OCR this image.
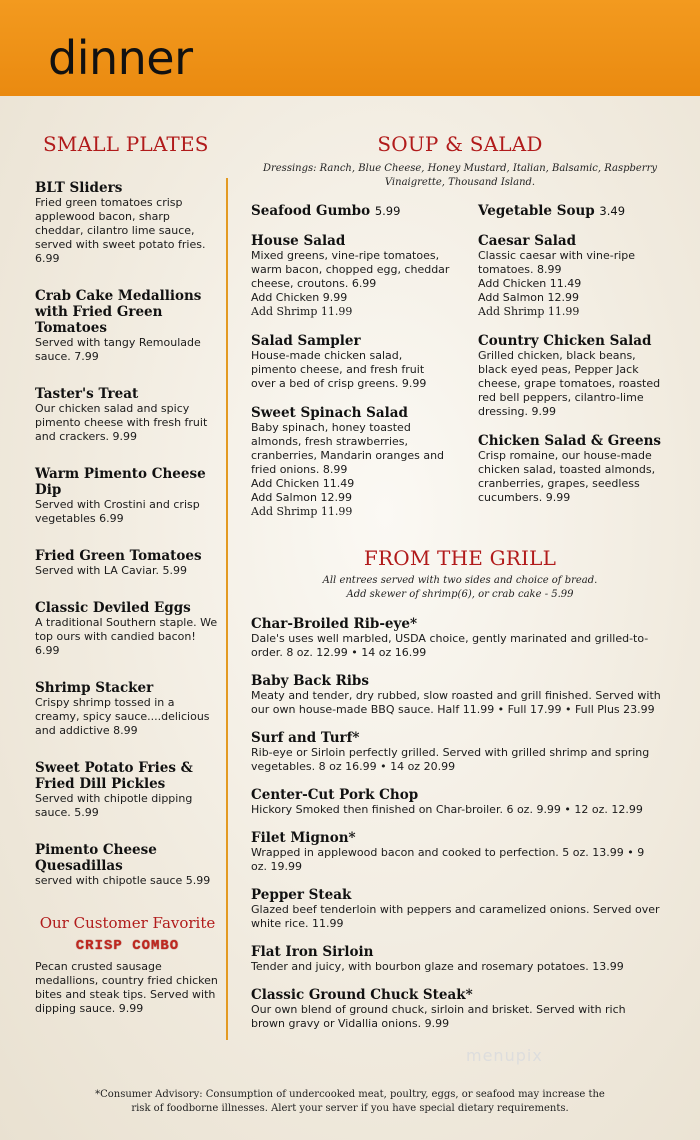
dinner
SMALL PLATES
BLT Sliders
Fried green tomatoes crisp applewood bacon, sharp cheddar, cilantro lime sauce, served with sweet potato fries. 6.99
Crab Cake Medallions with Fried Green Tomatoes
Served with tangy Remoulade sauce. 7.99
Taster's Treat
Our chicken salad and spicy pimento cheese with fresh fruit and crackers. 9.99
Warm Pimento Cheese Dip
Served with Crostini and crisp vegetables 6.99
Fried Green Tomatoes
Served with LA Caviar. 5.99
Classic Deviled Eggs
A traditional Southern staple. We top ours with candied bacon! 6.99
Shrimp Stacker
Crispy shrimp tossed in a creamy, spicy sauce....delicious and addictive 8.99
Sweet Potato Fries & Fried Dill Pickles
Served with chipotle dipping sauce. 5.99
Pimento Cheese Quesadillas
served with chipotle sauce 5.99
Our Customer Favorite
CRISP COMBO
Pecan crusted sausage medallions, country fried chicken bites and steak tips. Served with dipping sauce. 9.99
SOUP & SALAD
Dressings: Ranch, Blue Cheese, Honey Mustard, Italian, Balsamic, Raspberry Vinaigrette, Thousand Island.
Seafood Gumbo 5.99
House Salad
Mixed greens, vine-ripe tomatoes, warm bacon, chopped egg, cheddar cheese, croutons. 6.99
Add Chicken 9.99
Add Shrimp 11.99
Salad Sampler
House-made chicken salad, pimento cheese, and fresh fruit over a bed of crisp greens. 9.99
Sweet Spinach Salad
Baby spinach, honey toasted almonds, fresh strawberries, cranberries, Mandarin oranges and fried onions. 8.99
Add Chicken 11.49
Add Salmon 12.99
Add Shrimp 11.99
Vegetable Soup 3.49
Caesar Salad
Classic caesar with vine-ripe tomatoes. 8.99
Add Chicken 11.49
Add Salmon 12.99
Add Shrimp 11.99
Country Chicken Salad
Grilled chicken, black beans, black eyed peas, Pepper Jack cheese, grape tomatoes, roasted red bell peppers, cilantro-lime dressing. 9.99
Chicken Salad & Greens
Crisp romaine, our house-made chicken salad, toasted almonds, cranberries, grapes, seedless cucumbers. 9.99
FROM THE GRILL
All entrees served with two sides and choice of bread.
Add skewer of shrimp(6), or crab cake - 5.99
Char-Broiled Rib-eye*
Dale's uses well marbled, USDA choice, gently marinated and grilled-to-order. 8 oz. 12.99 • 14 oz 16.99
Baby Back Ribs
Meaty and tender, dry rubbed, slow roasted and grill finished. Served with our own house-made BBQ sauce. Half 11.99 • Full 17.99 • Full Plus 23.99
Surf and Turf*
Rib-eye or Sirloin perfectly grilled. Served with grilled shrimp and spring vegetables. 8 oz 16.99 • 14 oz 20.99
Center-Cut Pork Chop
Hickory Smoked then finished on Char-broiler. 6 oz. 9.99 • 12 oz. 12.99
Filet Mignon*
Wrapped in applewood bacon and cooked to perfection. 5 oz. 13.99 • 9 oz. 19.99
Pepper Steak
Glazed beef tenderloin with peppers and caramelized onions. Served over white rice. 11.99
Flat Iron Sirloin
Tender and juicy, with bourbon glaze and rosemary potatoes. 13.99
Classic Ground Chuck Steak*
Our own blend of ground chuck, sirloin and brisket. Served with rich brown gravy or Vidallia onions. 9.99
menupix
*Consumer Advisory: Consumption of undercooked meat, poultry, eggs, or seafood may increase the risk of foodborne illnesses. Alert your server if you have special dietary requirements.
